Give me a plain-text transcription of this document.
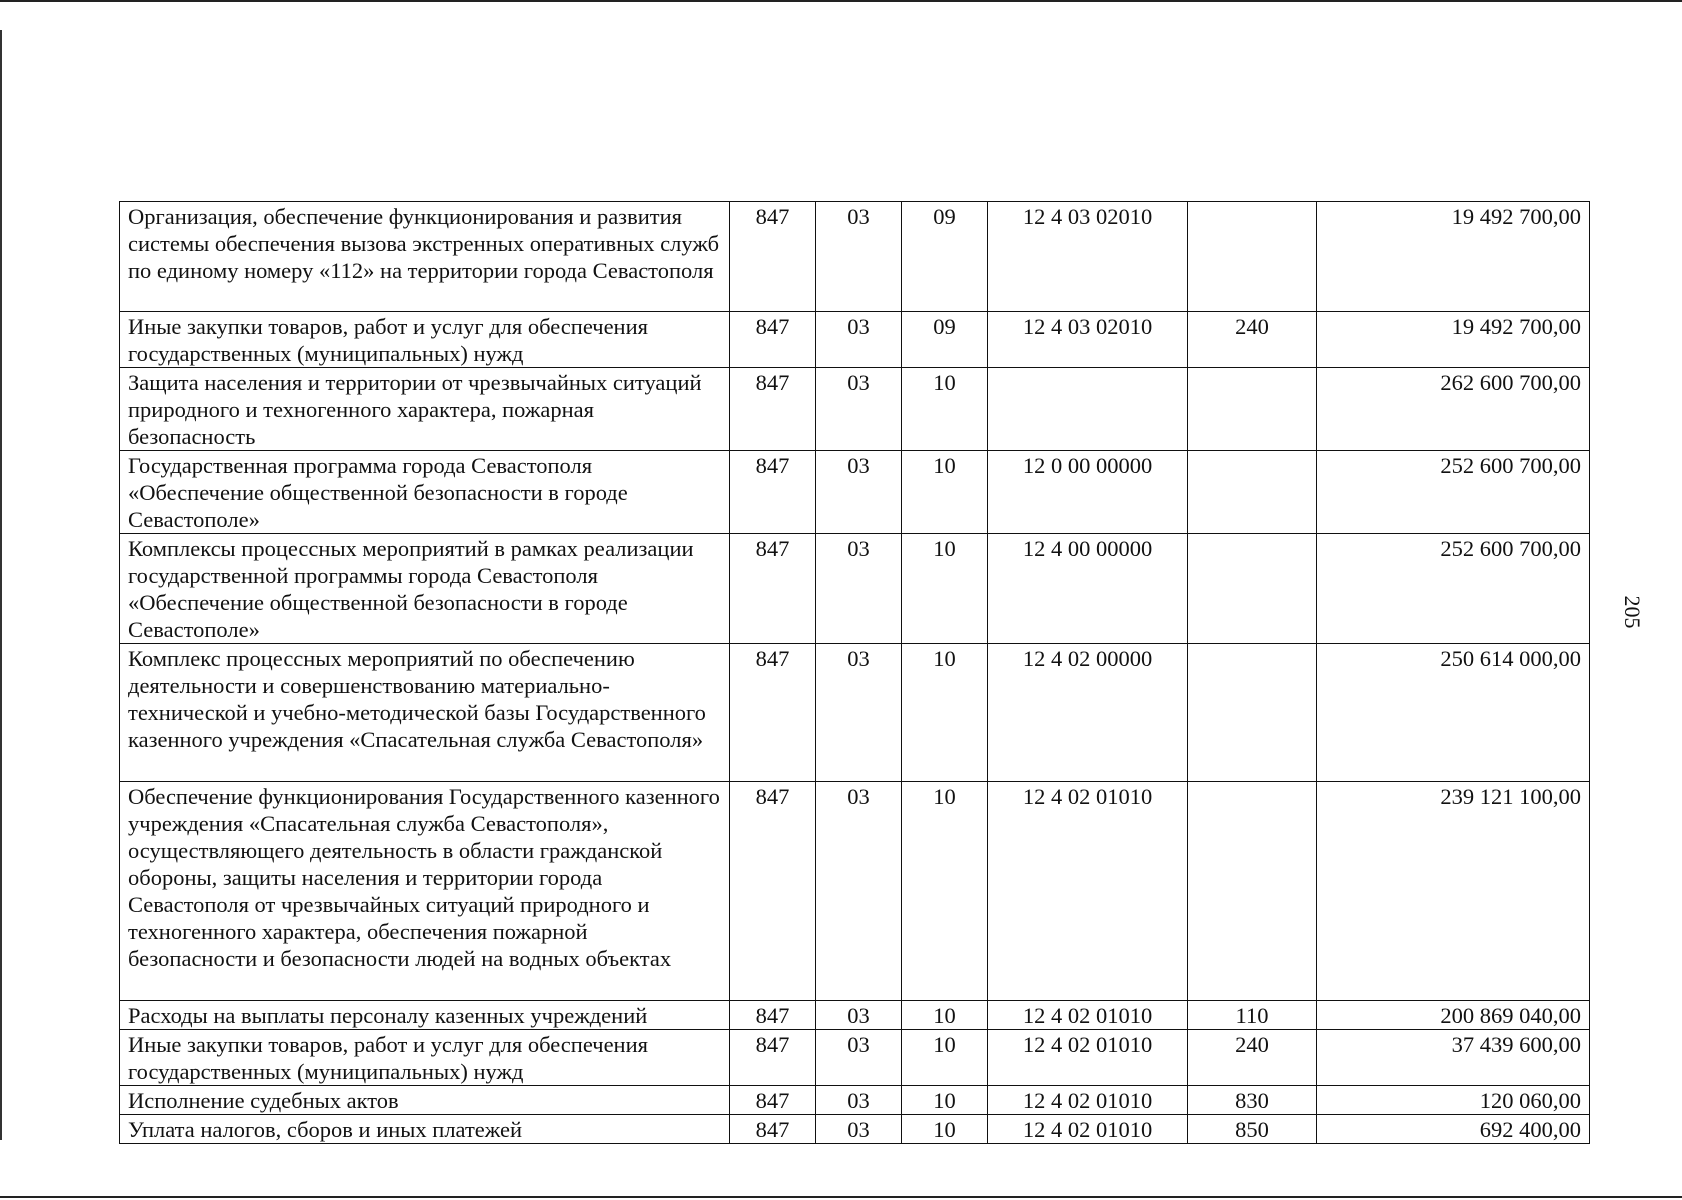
Организация, обеспечение функционирования и развития системы обеспечения вызова экстренных оперативных служб по единому номеру «112» на территории города Севастополя	847	03	09	12 4 03 02010		19 492 700,00
Иные закупки товаров, работ и услуг для обеспечения государственных (муниципальных) нужд	847	03	09	12 4 03 02010	240	19 492 700,00
Защита населения и территории от чрезвычайных ситуаций природного и техногенного характера, пожарная безопасность	847	03	10			262 600 700,00
Государственная программа города Севастополя «Обеспечение общественной безопасности в городе Севастополе»	847	03	10	12 0 00 00000		252 600 700,00
Комплексы процессных мероприятий в рамках реализации государственной программы города Севастополя «Обеспечение общественной безопасности в городе Севастополе»	847	03	10	12 4 00 00000		252 600 700,00
Комплекс процессных мероприятий по обеспечению деятельности и совершенствованию материально-технической и учебно-методической базы Государственного казенного учреждения «Спасательная служба Севастополя»	847	03	10	12 4 02 00000		250 614 000,00
Обеспечение функционирования Государственного казенного учреждения «Спасательная служба Севастополя», осуществляющего деятельность в области гражданской обороны, защиты населения и территории города Севастополя от чрезвычайных ситуаций природного и техногенного характера, обеспечения пожарной безопасности и безопасности людей на водных объектах	847	03	10	12 4 02 01010		239 121 100,00
Расходы на выплаты персоналу казенных учреждений	847	03	10	12 4 02 01010	110	200 869 040,00
Иные закупки товаров, работ и услуг для обеспечения государственных (муниципальных) нужд	847	03	10	12 4 02 01010	240	37 439 600,00
Исполнение судебных актов	847	03	10	12 4 02 01010	830	120 060,00
Уплата налогов, сборов и иных платежей	847	03	10	12 4 02 01010	850	692 400,00
205
